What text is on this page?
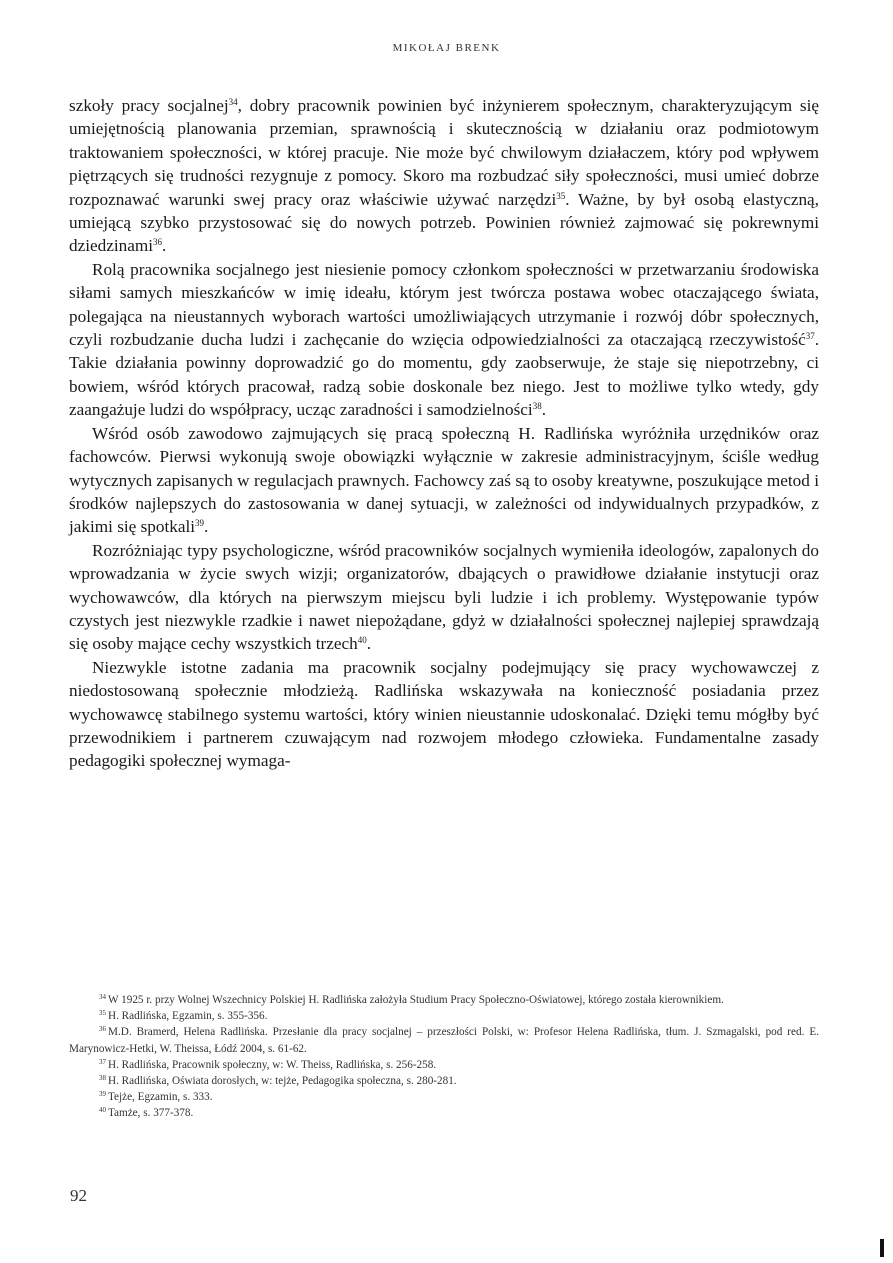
MIKOŁAJ BRENK

szkoły pracy socjalnej$^{34}$, dobry pracownik powinien być inżynierem społecznym, charakteryzującym się umiejętnością planowania przemian, sprawnością i skutecznością w działaniu oraz podmiotowym traktowaniem społeczności, w której pracuje. Nie może być chwilowym działaczem, który pod wpływem piętrzących się trudności rezygnuje z pomocy. Skoro ma rozbudzać siły społeczności, musi umieć dobrze rozpoznawać warunki swej pracy oraz właściwie używać narzędzi$^{35}$. Ważne, by był osobą elastyczną, umiejącą szybko przystosować się do nowych potrzeb. Powinien również zajmować się pokrewnymi dziedzinami$^{36}$.

Rolą pracownika socjalnego jest niesienie pomocy członkom społeczności w przetwarzaniu środowiska siłami samych mieszkańców w imię ideału, którym jest twórcza postawa wobec otaczającego świata, polegająca na nieustannych wyborach wartości umożliwiających utrzymanie i rozwój dóbr społecznych, czyli rozbudzanie ducha ludzi i zachęcanie do wzięcia odpowiedzialności za otaczającą rzeczywistość$^{37}$. Takie działania powinny doprowadzić go do momentu, gdy zaobserwuje, że staje się niepotrzebny, ci bowiem, wśród których pracował, radzą sobie doskonale bez niego. Jest to możliwe tylko wtedy, gdy zaangażuje ludzi do współpracy, ucząc zaradności i samodzielności$^{38}$.

Wśród osób zawodowo zajmujących się pracą społeczną H. Radlińska wyróżniła urzędników oraz fachowców. Pierwsi wykonują swoje obowiązki wyłącznie w zakresie administracyjnym, ściśle według wytycznych zapisanych w regulacjach prawnych. Fachowcy zaś są to osoby kreatywne, poszukujące metod i środków najlepszych do zastosowania w danej sytuacji, w zależności od indywidualnych przypadków, z jakimi się spotkali$^{39}$.

Rozróżniając typy psychologiczne, wśród pracowników socjalnych wymieniła ideologów, zapalonych do wprowadzania w życie swych wizji; organizatorów, dbających o prawidłowe działanie instytucji oraz wychowawców, dla których na pierwszym miejscu byli ludzie i ich problemy. Występowanie typów czystych jest niezwykle rzadkie i nawet niepożądane, gdyż w działalności społecznej najlepiej sprawdzają się osoby mające cechy wszystkich trzech$^{40}$.

Niezwykle istotne zadania ma pracownik socjalny podejmujący się pracy wychowawczej z niedostosowaną społecznie młodzieżą. Radlińska wskazywała na konieczność posiadania przez wychowawcę stabilnego systemu wartości, który winien nieustannie udoskonalać. Dzięki temu mógłby być przewodnikiem i partnerem czuwającym nad rozwojem młodego człowieka. Fundamentalne zasady pedagogiki społecznej wymaga-

$^{34}$ W 1925 r. przy Wolnej Wszechnicy Polskiej H. Radlińska założyła Studium Pracy Społeczno-Oświatowej, którego została kierownikiem.

$^{35}$ H. Radlińska, Egzamin, s. 355-356.

$^{36}$ M.D. Bramerd, Helena Radlińska. Przesłanie dla pracy socjalnej – przeszłości Polski, w: Profesor Helena Radlińska, tłum. J. Szmagalski, pod red. E. Marynowicz-Hetki, W. Theissa, Łódź 2004, s. 61-62.

$^{37}$ H. Radlińska, Pracownik społeczny, w: W. Theiss, Radlińska, s. 256-258.

$^{38}$ H. Radlińska, Oświata dorosłych, w: tejże, Pedagogika społeczna, s. 280-281.

$^{39}$ Tejże, Egzamin, s. 333.

$^{40}$ Tamże, s. 377-378.

92
